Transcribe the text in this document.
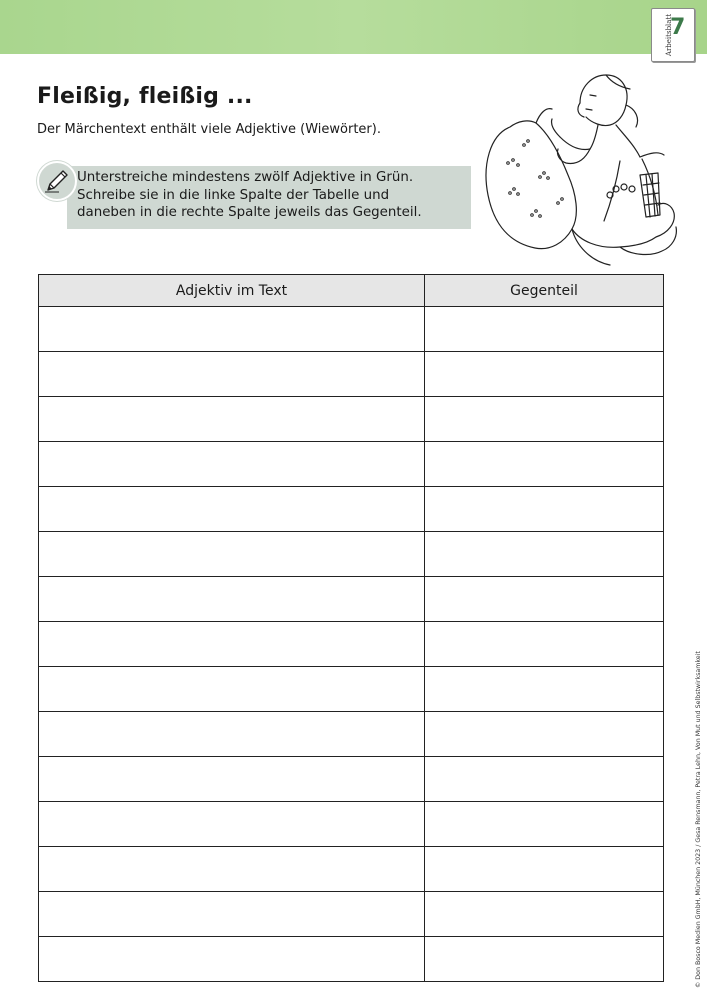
Arbeitsblatt
7
Fleißig, fleißig ...
Der Märchentext enthält viele Adjektive (Wiewörter).
Unterstreiche mindestens zwölf Adjektive in Grün.
Schreibe sie in die linke Spalte der Tabelle und
daneben in die rechte Spalte jeweils das Gegenteil.
Adjektiv im Text	Gegenteil

© Don Bosco Medien GmbH, München 2023 / Gesa Rensmann, Petra Lehn, Von Mut und Selbstwirksamkeit
